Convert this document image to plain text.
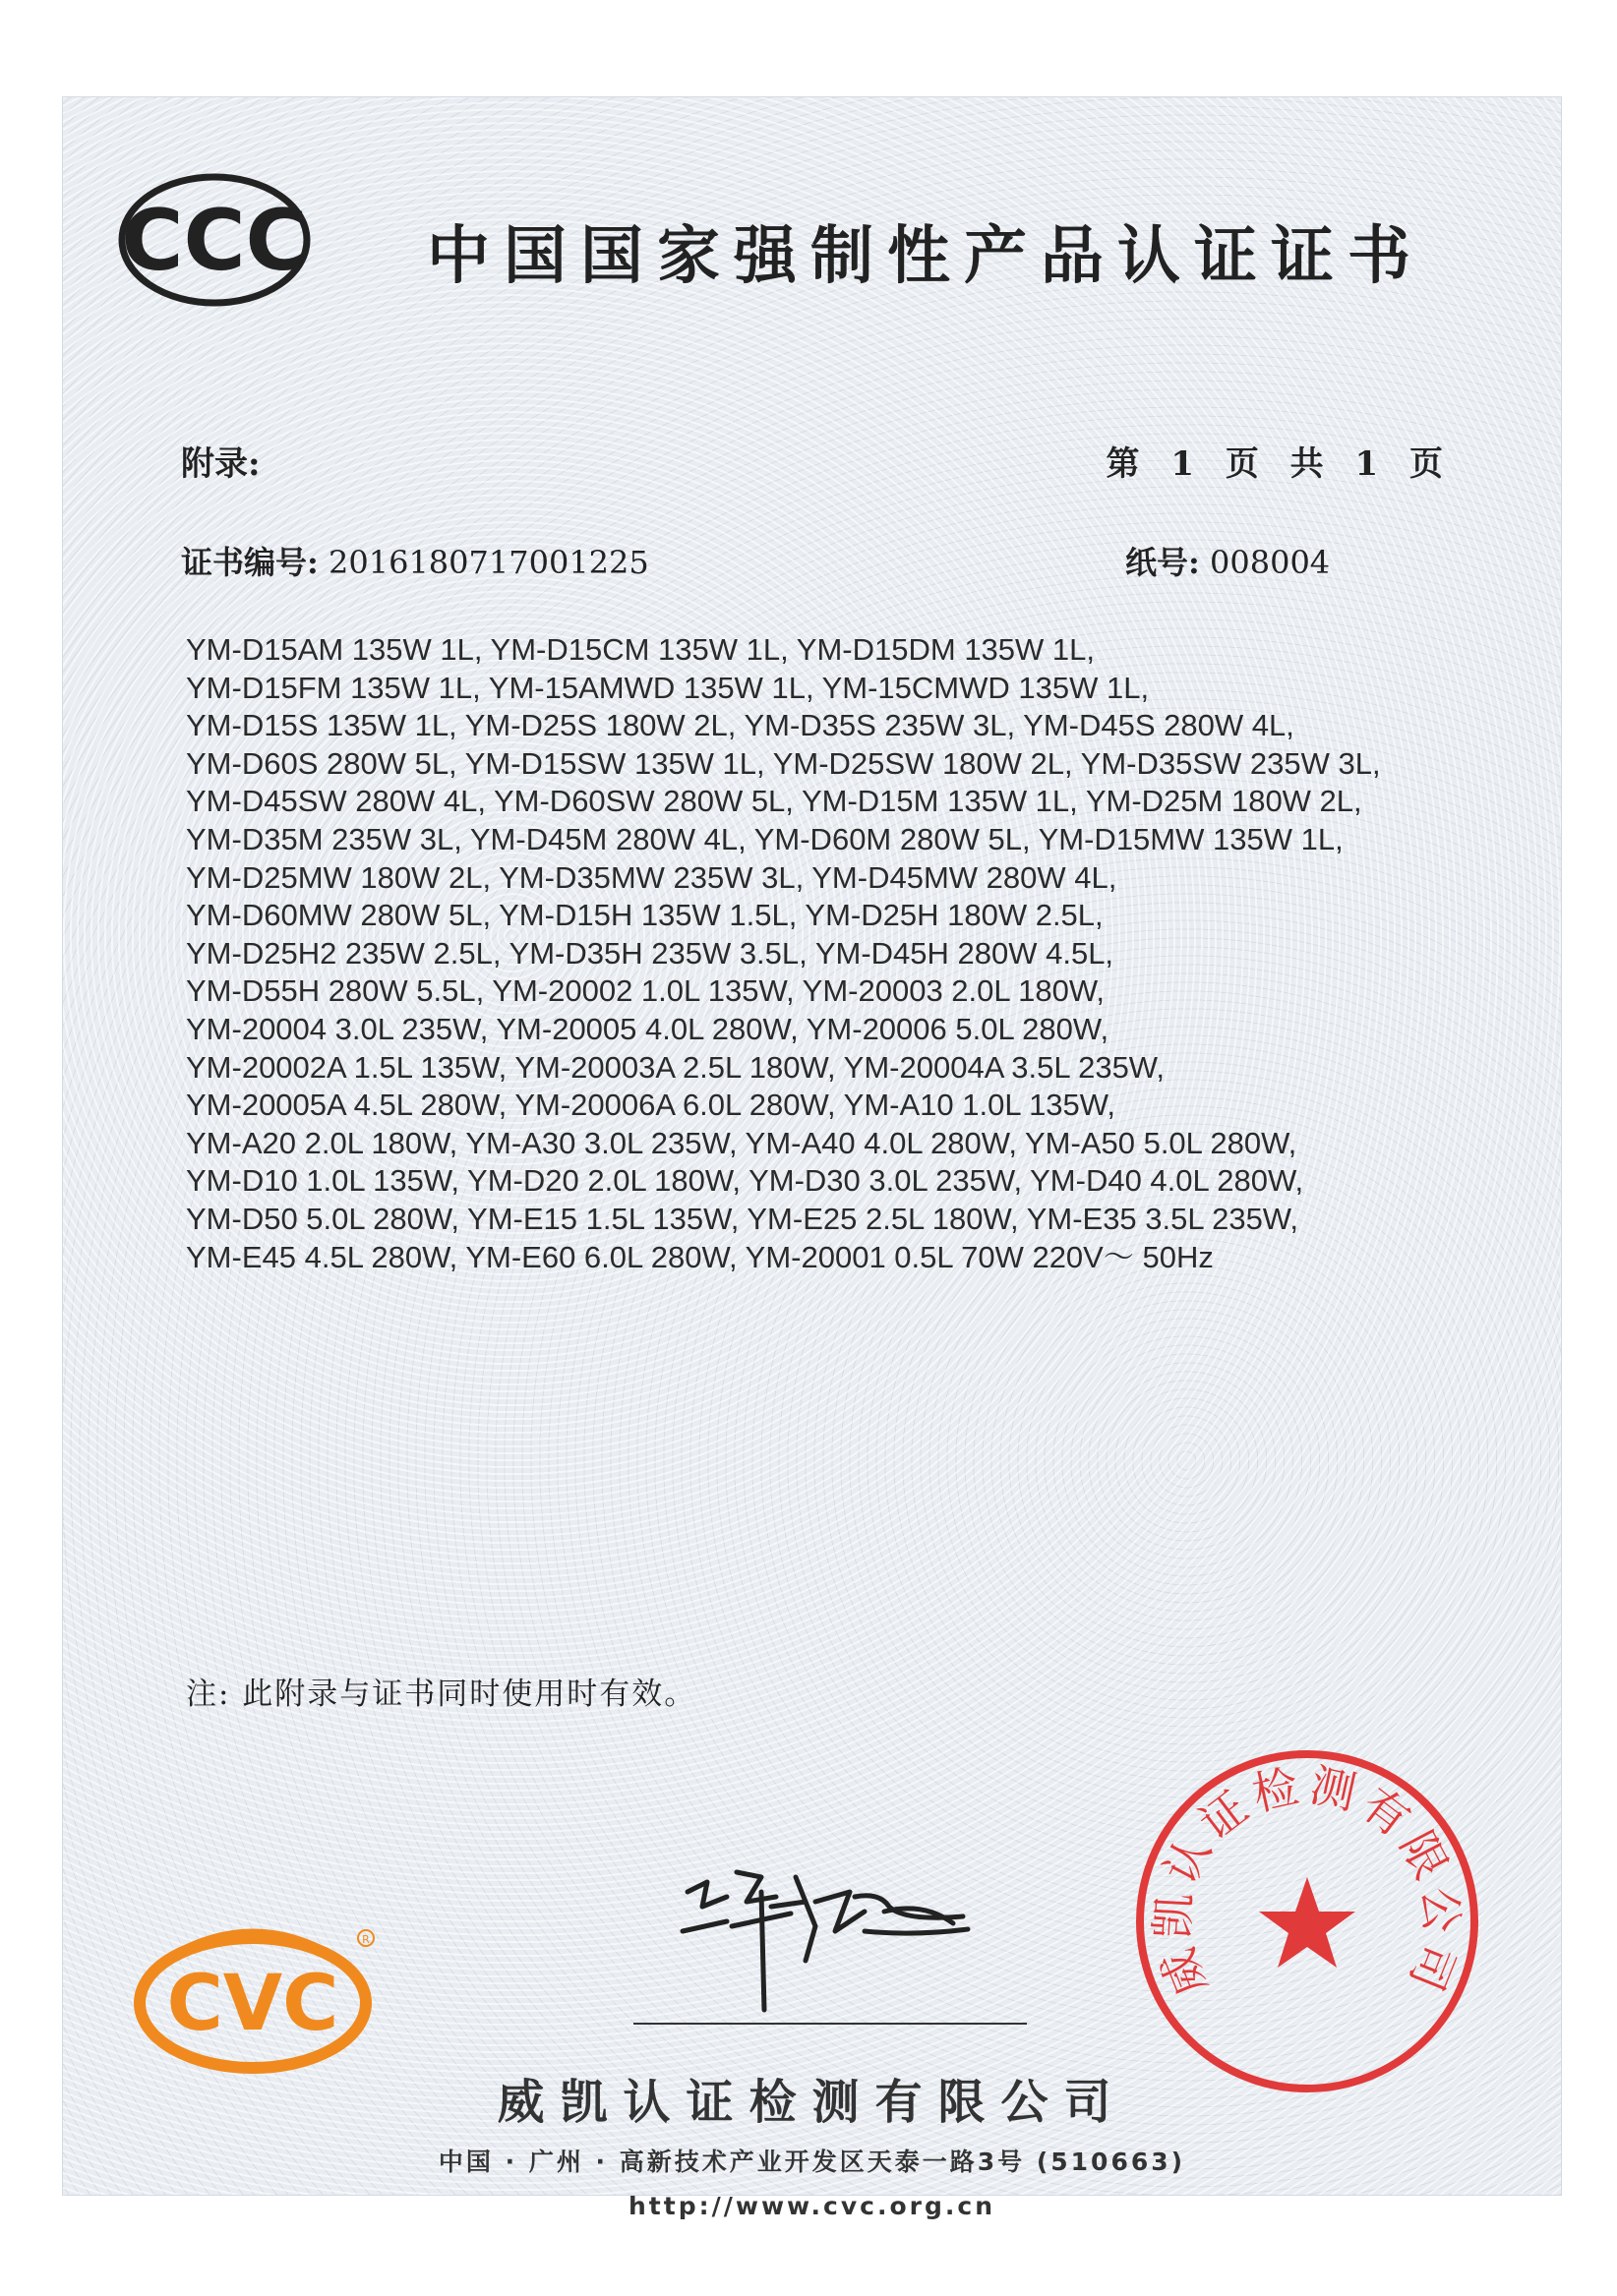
CCC 中国国家强制性产品认证证书
附录:	第 1 页 共 1 页
证书编号: 2016180717001225	纸号: 008004
YM-D15AM 135W 1L, YM-D15CM 135W 1L, YM-D15DM 135W 1L,
YM-D15FM 135W 1L, YM-15AMWD 135W 1L, YM-15CMWD 135W 1L,
YM-D15S 135W 1L, YM-D25S 180W 2L, YM-D35S 235W 3L, YM-D45S 280W 4L,
YM-D60S 280W 5L, YM-D15SW 135W 1L, YM-D25SW 180W 2L, YM-D35SW 235W 3L,
YM-D45SW 280W 4L, YM-D60SW 280W 5L, YM-D15M 135W 1L, YM-D25M 180W 2L,
YM-D35M 235W 3L, YM-D45M 280W 4L, YM-D60M 280W 5L, YM-D15MW 135W 1L,
YM-D25MW 180W 2L, YM-D35MW 235W 3L, YM-D45MW 280W 4L,
YM-D60MW 280W 5L, YM-D15H 135W 1.5L, YM-D25H 180W 2.5L,
YM-D25H2 235W 2.5L, YM-D35H 235W 3.5L, YM-D45H 280W 4.5L,
YM-D55H 280W 5.5L, YM-20002 1.0L 135W, YM-20003 2.0L 180W,
YM-20004 3.0L 235W, YM-20005 4.0L 280W, YM-20006 5.0L 280W,
YM-20002A 1.5L 135W, YM-20003A 2.5L 180W, YM-20004A 3.5L 235W,
YM-20005A 4.5L 280W, YM-20006A 6.0L 280W, YM-A10 1.0L 135W,
YM-A20 2.0L 180W, YM-A30 3.0L 235W, YM-A40 4.0L 280W, YM-A50 5.0L 280W,
YM-D10 1.0L 135W, YM-D20 2.0L 180W, YM-D30 3.0L 235W, YM-D40 4.0L 280W,
YM-D50 5.0L 280W, YM-E15 1.5L 135W, YM-E25 2.5L 180W, YM-E35 3.5L 235W,
YM-E45 4.5L 280W, YM-E60 6.0L 280W, YM-20001 0.5L 70W 220V～ 50Hz
注: 此附录与证书同时使用时有效。
CVC
R
威凯认证检测有限公司
中国 · 广州 · 高新技术产业开发区天泰一路3号 (510663)
http://www.cvc.org.cn
威凯认证检测有限公司
